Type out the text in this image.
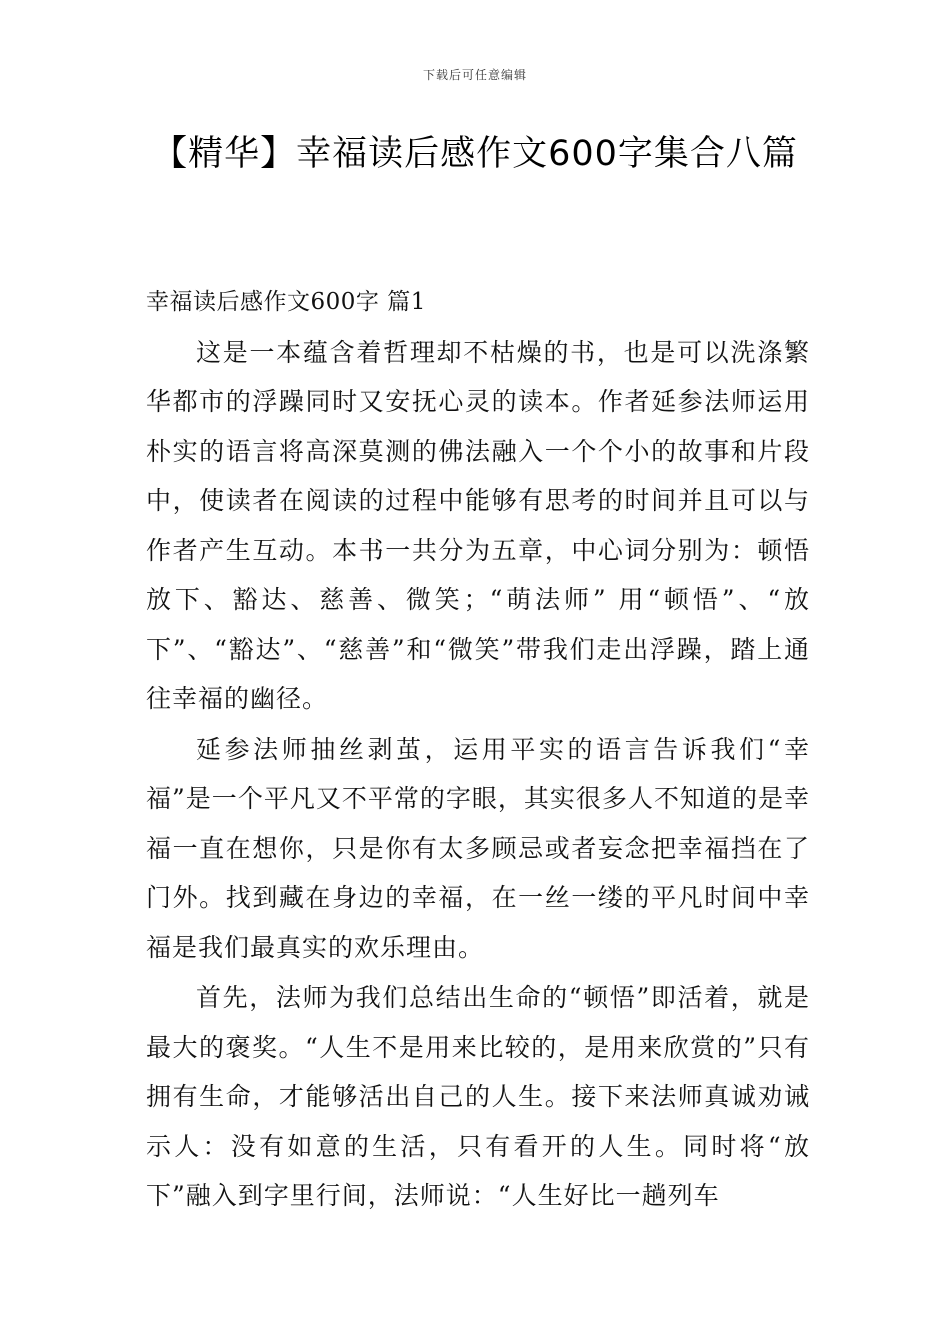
下载后可任意编辑
【精华】幸福读后感作文600字集合八篇
幸福读后感作文600字 篇1

这是一本蕴含着哲理却不枯燥的书，也是可以洗涤繁华都市的浮躁同时又安抚心灵的读本。作者延参法师运用朴实的语言将高深莫测的佛法融入一个个小的故事和片段中，使读者在阅读的过程中能够有思考的时间并且可以与作者产生互动。本书一共分为五章，中心词分别为：顿悟放下、豁达、慈善、微笑；“萌法师” 用“顿悟”、“放下”、“豁达”、“慈善”和“微笑”带我们走出浮躁，踏上通往幸福的幽径。

延参法师抽丝剥茧，运用平实的语言告诉我们“幸福”是一个平凡又不平常的字眼，其实很多人不知道的是幸福一直在想你，只是你有太多顾忌或者妄念把幸福挡在了门外。找到藏在身边的幸福，在一丝一缕的平凡时间中幸福是我们最真实的欢乐理由。

首先，法师为我们总结出生命的“顿悟”即活着，就是最大的褒奖。“人生不是用来比较的，是用来欣赏的”只有拥有生命，才能够活出自己的人生。接下来法师真诚劝诫示人：没有如意的生活，只有看开的人生。同时将“放下”融入到字里行间，法师说：“人生好比一趟列车
